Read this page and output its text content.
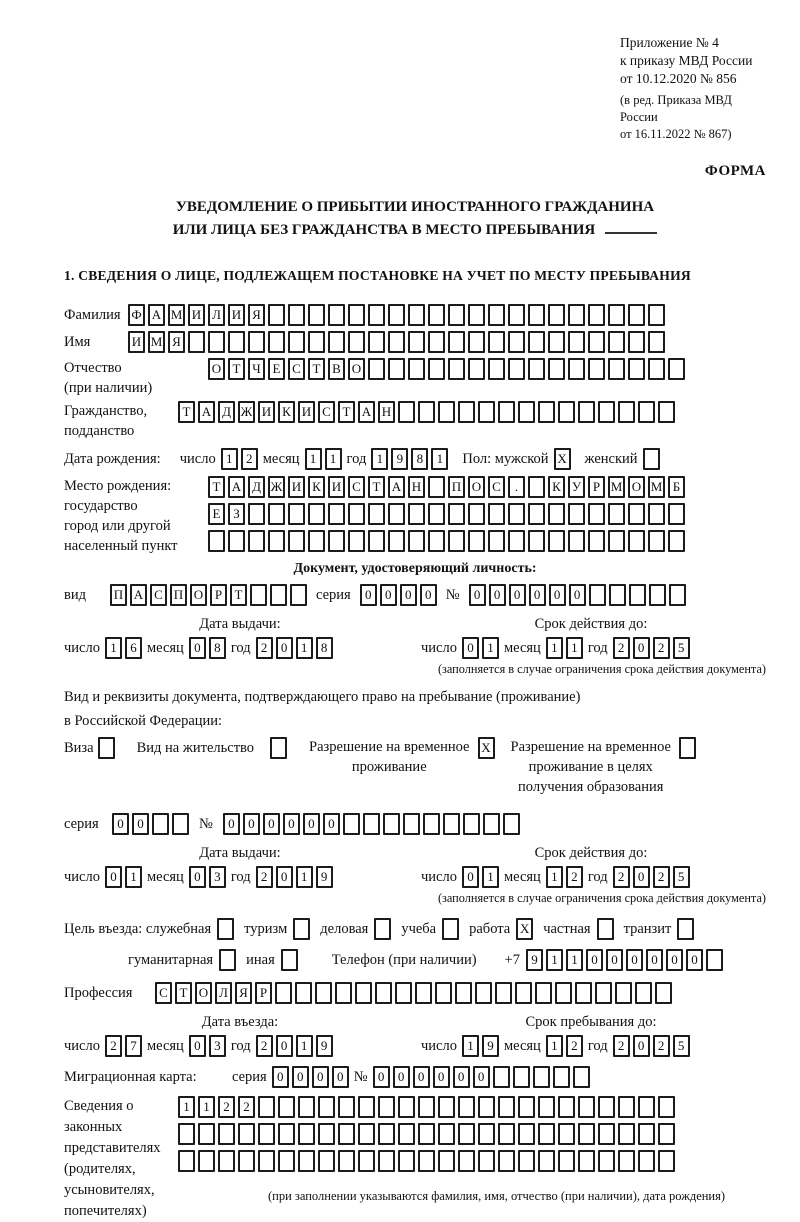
Приложение № 4
к приказу МВД России
от 10.12.2020 № 856
(в ред. Приказа МВД России
от 16.11.2022 № 867)
ФОРМА
УВЕДОМЛЕНИЕ О ПРИБЫТИИ ИНОСТРАННОГО ГРАЖДАНИНА
ИЛИ ЛИЦА БЕЗ ГРАЖДАНСТВА В МЕСТО ПРЕБЫВАНИЯ
1. СВЕДЕНИЯ О ЛИЦЕ, ПОДЛЕЖАЩЕМ ПОСТАНОВКЕ НА УЧЕТ ПО МЕСТУ ПРЕБЫВАНИЯ
Фамилия Ф А М И Л И Я
Имя	И М Я
Отчество
(при наличии)
О Т Ч Е С Т В О
Гражданство,
подданство
Т А Д Ж И К И С Т А Н
Дата рождения: число 1	2 месяц 1	1 год 1	9	8	1	Пол: мужской X женский
Место рождения:
государство
город или другой
населенный пункт
Т А Д Ж И К И С Т А Н П О С	.	К У Р М О М Б

Е З

Документ, удостоверяющий личность:
вид	П А С П О Р Т	серия	0	0	0	0 №	0	0	0	0	0	0
Дата выдачи:
число 1	6 месяц 0	8 год 2	0	1	8
Срок действия до:
число 0	1 месяц 1	1 год 2	0	2	5
(заполняется в случае ограничения срока действия документа)
Вид и реквизиты документа, подтверждающего право на пребывание (проживание)
в Российской Федерации:
Виза	Вид на жительство	Разрешение на временное
проживание
X Разрешение на временное
проживание в целях
получения образования
серия	0	0	№	0	0	0	0	0	0
Дата выдачи:
число 0	1 месяц 0	3 год 2	0	1	9
Срок действия до:
число 0	1 месяц 1	2 год 2	0	2	5
(заполняется в случае ограничения срока действия документа)
Цель въезда: служебная туризм деловая учеба работа X частная транзит
гуманитарная иная	Телефон (при наличии) +7 9	1	1	0	0	0	0	0	0
Профессия	С Т О Л Я Р
Дата въезда:
число 2	7 месяц 0	3 год 2	0	1	9
Срок пребывания до:
число 1	9 месяц 1	2 год 2	0	2	5
Миграционная карта:	серия 0	0	0	0 № 0	0	0	0	0	0
Сведения о
законных
представителях
(родителях,
усыновителях,
попечителях)
1	1	2	2

(при заполнении указываются фамилия, имя, отчество (при наличии), дата рождения)
